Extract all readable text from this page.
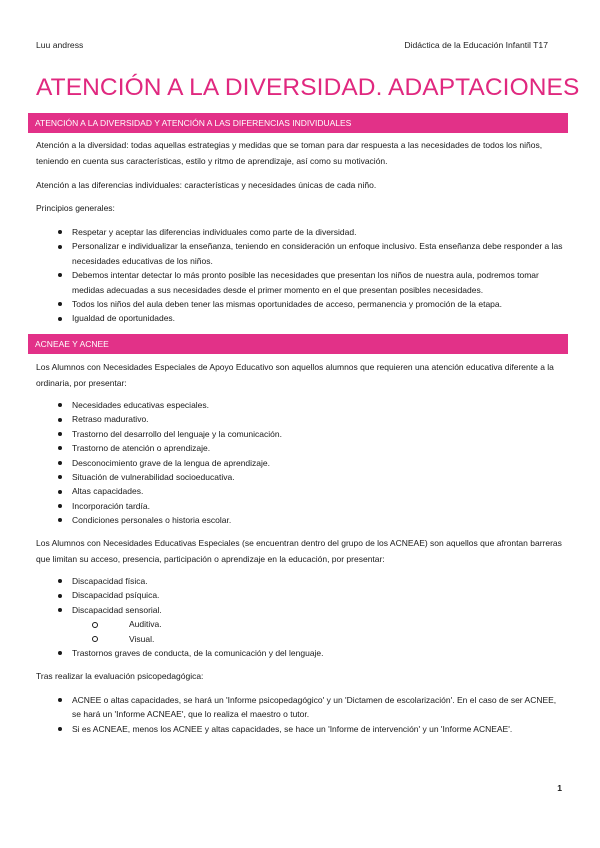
Luu andress	Didáctica de la Educación Infantil T17
ATENCIÓN A LA DIVERSIDAD. ADAPTACIONES
ATENCIÓN A LA DIVERSIDAD Y ATENCIÓN A LAS DIFERENCIAS INDIVIDUALES

Atención a la diversidad: todas aquellas estrategias y medidas que se toman para dar respuesta a las necesidades de todos los niños, teniendo en cuenta sus características, estilo y ritmo de aprendizaje, así como su motivación.

Atención a las diferencias individuales: características y necesidades únicas de cada niño.

Principios generales:

Respetar y aceptar las diferencias individuales como parte de la diversidad.
Personalizar e individualizar la enseñanza, teniendo en consideración un enfoque inclusivo. Esta enseñanza debe responder a las necesidades educativas de los niños.
Debemos intentar detectar lo más pronto posible las necesidades que presentan los niños de nuestra aula, podremos tomar medidas adecuadas a sus necesidades desde el primer momento en el que presentan posibles necesidades.
Todos los niños del aula deben tener las mismas oportunidades de acceso, permanencia y promoción de la etapa.
Igualdad de oportunidades.
ACNEAE Y ACNEE

Los Alumnos con Necesidades Especiales de Apoyo Educativo son aquellos alumnos que requieren una atención educativa diferente a la ordinaria, por presentar:

Necesidades educativas especiales.
Retraso madurativo.
Trastorno del desarrollo del lenguaje y la comunicación.
Trastorno de atención o aprendizaje.
Desconocimiento grave de la lengua de aprendizaje.
Situación de vulnerabilidad socioeducativa.
Altas capacidades.
Incorporación tardía.
Condiciones personales o historia escolar.

Los Alumnos con Necesidades Educativas Especiales (se encuentran dentro del grupo de los ACNEAE) son aquellos que afrontan barreras que limitan su acceso, presencia, participación o aprendizaje en la educación, por presentar:

Discapacidad física.
Discapacidad psíquica.
Discapacidad sensorial.
Auditiva.
Visual.
Trastornos graves de conducta, de la comunicación y del lenguaje.

Tras realizar la evaluación psicopedagógica:

ACNEE o altas capacidades, se hará un 'Informe psicopedagógico' y un 'Dictamen de escolarización'. En el caso de ser ACNEE, se hará un 'Informe ACNEAE', que lo realiza el maestro o tutor.
Si es ACNEAE, menos los ACNEE y altas capacidades, se hace un 'Informe de intervención' y un 'Informe ACNEAE'.
1
